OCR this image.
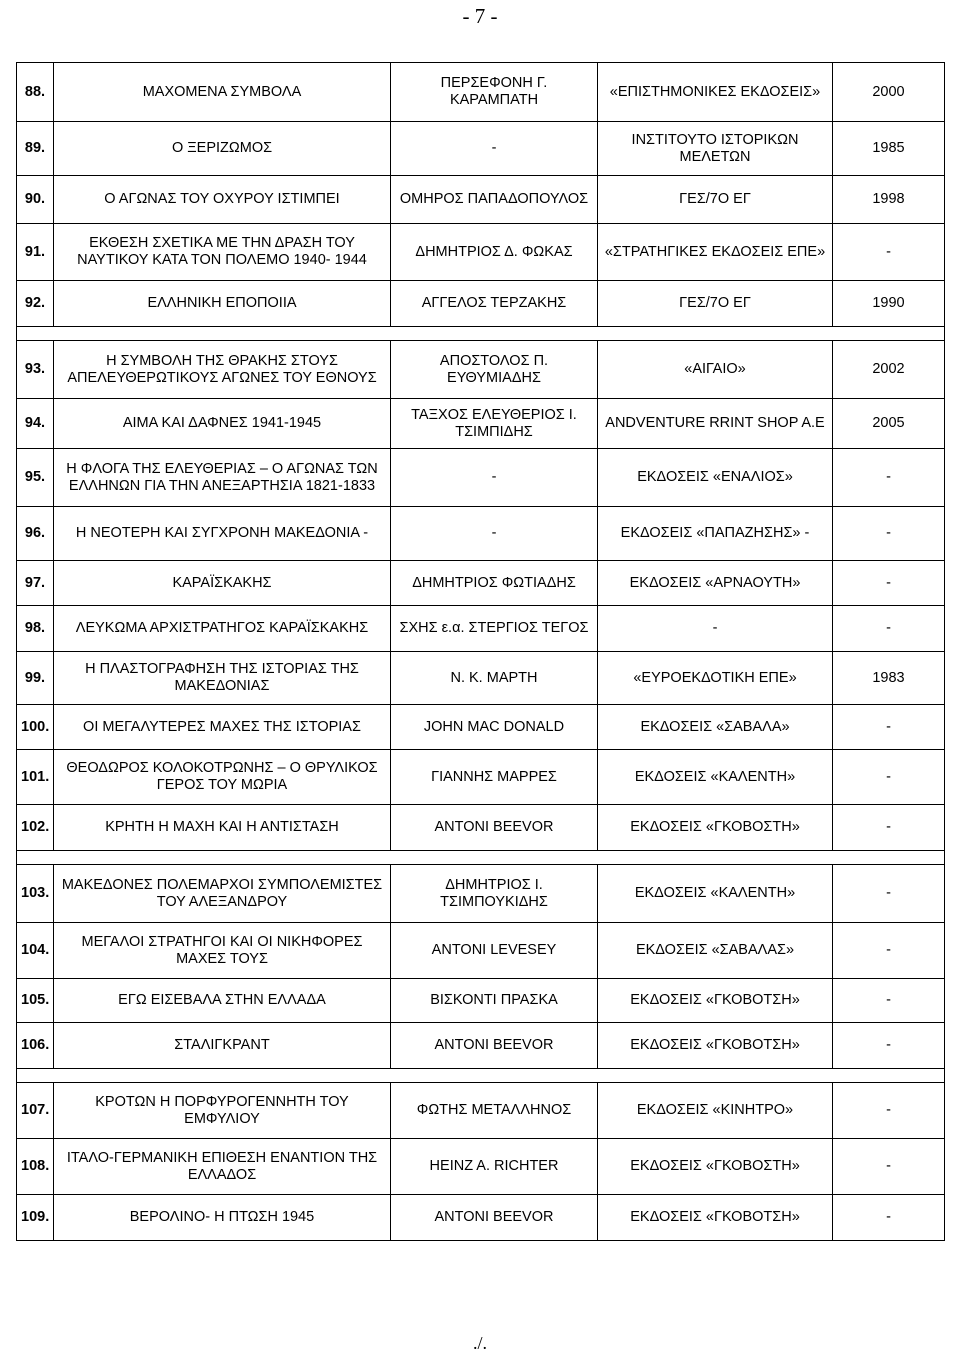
- 7 -
88.	ΜΑΧΟΜΕΝΑ ΣΥΜΒΟΛΑ	ΠΕΡΣΕΦΟΝΗ Γ. ΚΑΡΑΜΠΑΤΗ	«ΕΠΙΣΤΗΜΟΝΙΚΕΣ ΕΚΔΟΣΕΙΣ»	2000
89.	Ο ΞΕΡΙΖΩΜΟΣ	-	ΙΝΣΤΙΤΟΥΤΟ ΙΣΤΟΡΙΚΩΝ ΜΕΛΕΤΩΝ	1985
90.	Ο ΑΓΩΝΑΣ ΤΟΥ ΟΧΥΡΟΥ ΙΣΤΙΜΠΕΙ	ΟΜΗΡΟΣ ΠΑΠΑΔΟΠΟΥΛΟΣ	ΓΕΣ/7Ο ΕΓ	1998
91.	ΕΚΘΕΣΗ ΣΧΕΤΙΚΑ ΜΕ ΤΗΝ ΔΡΑΣΗ ΤΟΥ ΝΑΥΤΙΚΟΥ ΚΑΤΑ ΤΟΝ ΠΟΛΕΜΟ 1940- 1944	ΔΗΜΗΤΡΙΟΣ Δ. ΦΩΚΑΣ	«ΣΤΡΑΤΗΓΙΚΕΣ ΕΚΔΟΣΕΙΣ ΕΠΕ»	-
92.	ΕΛΛΗΝΙΚΗ ΕΠΟΠΟΙΙΑ	ΑΓΓΕΛΟΣ ΤΕΡΖΑΚΗΣ	ΓΕΣ/7Ο ΕΓ	1990

93.	Η ΣΥΜΒΟΛΗ ΤΗΣ ΘΡΑΚΗΣ ΣΤΟΥΣ ΑΠΕΛΕΥΘΕΡΩΤΙΚΟΥΣ ΑΓΩΝΕΣ ΤΟΥ ΕΘΝΟΥΣ	ΑΠΟΣΤΟΛΟΣ Π. ΕΥΘΥΜΙΑΔΗΣ	«ΑΙΓΑΙΟ»	2002
94.	ΑΙΜΑ ΚΑΙ ΔΑΦΝΕΣ 1941-1945	ΤΑΞΧΟΣ ΕΛΕΥΘΕΡΙΟΣ Ι. ΤΣΙΜΠΙΔΗΣ	ANDVENTURE RRINT SHOP A.E	2005
95.	Η ΦΛΟΓΑ ΤΗΣ ΕΛΕΥΘΕΡΙΑΣ – Ο ΑΓΩΝΑΣ ΤΩΝ ΕΛΛΗΝΩΝ ΓΙΑ ΤΗΝ ΑΝΕΞΑΡΤΗΣΙΑ 1821-1833	-	ΕΚΔΟΣΕΙΣ «ΕΝΑΛΙΟΣ»	-
96.	Η ΝΕΟΤΕΡΗ ΚΑΙ ΣΥΓΧΡΟΝΗ ΜΑΚΕΔΟΝΙΑ -	-	ΕΚΔΟΣΕΙΣ «ΠΑΠΑΖΗΣΗΣ» -	-
97.	ΚΑΡΑΪΣΚΑΚΗΣ	ΔΗΜΗΤΡΙΟΣ ΦΩΤΙΑΔΗΣ	ΕΚΔΟΣΕΙΣ «ΑΡΝΑΟΥΤΗ»	-
98.	ΛΕΥΚΩΜΑ ΑΡΧΙΣΤΡΑΤΗΓΟΣ ΚΑΡΑΪΣΚΑΚΗΣ	ΣΧΗΣ ε.α. ΣΤΕΡΓΙΟΣ ΤΕΓΟΣ	-	-
99.	Η ΠΛΑΣΤΟΓΡΑΦΗΣΗ ΤΗΣ ΙΣΤΟΡΙΑΣ ΤΗΣ ΜΑΚΕΔΟΝΙΑΣ	Ν. Κ. ΜΑΡΤΗ	«ΕΥΡΟΕΚΔΟΤΙΚΗ ΕΠΕ»	1983
100.	ΟΙ ΜΕΓΑΛΥΤΕΡΕΣ ΜΑΧΕΣ ΤΗΣ ΙΣΤΟΡΙΑΣ	JOHN MAC DONALD	ΕΚΔΟΣΕΙΣ «ΣΑΒΑΛΑ»	-
101.	ΘΕΟΔΩΡΟΣ ΚΟΛΟΚΟΤΡΩΝΗΣ – Ο ΘΡΥΛΙΚΟΣ ΓΕΡΟΣ ΤΟΥ ΜΩΡΙΑ	ΓΙΑΝΝΗΣ ΜΑΡΡΕΣ	ΕΚΔΟΣΕΙΣ «ΚΑΛΕΝΤΗ»	-
102.	ΚΡΗΤΗ Η ΜΑΧΗ ΚΑΙ Η ΑΝΤΙΣΤΑΣΗ	ΑΝΤΟΝΙ BEEVOR	ΕΚΔΟΣΕΙΣ «ΓΚΟΒΟΣΤΗ»	-

103.	ΜΑΚΕΔΟΝΕΣ ΠΟΛΕΜΑΡΧΟΙ ΣΥΜΠΟΛΕΜΙΣΤΕΣ ΤΟΥ ΑΛΕΞΑΝΔΡΟΥ	ΔΗΜΗΤΡΙΟΣ Ι. ΤΣΙΜΠΟΥΚΙΔΗΣ	ΕΚΔΟΣΕΙΣ «ΚΑΛΕΝΤΗ»	-
104.	ΜΕΓΑΛΟΙ ΣΤΡΑΤΗΓΟΙ ΚΑΙ ΟΙ ΝΙΚΗΦΟΡΕΣ ΜΑΧΕΣ ΤΟΥΣ	ΑΝΤΟΝΙ LEVESEY	ΕΚΔΟΣΕΙΣ «ΣΑΒΑΛΑΣ»	-
105.	ΕΓΩ ΕΙΣΕΒΑΛΑ ΣΤΗΝ ΕΛΛΑΔΑ	ΒΙΣΚΟΝΤΙ ΠΡΑΣΚΑ	ΕΚΔΟΣΕΙΣ «ΓΚΟΒΟΤΣΗ»	-
106.	ΣΤΑΛΙΓΚΡΑΝΤ	ΑΝΤΟΝΙ BEEVOR	ΕΚΔΟΣΕΙΣ «ΓΚΟΒΟΤΣΗ»	-

107.	ΚΡΟΤΩΝ Η ΠΟΡΦΥΡΟΓΕΝΝΗΤΗ ΤΟΥ ΕΜΦΥΛΙΟΥ	ΦΩΤΗΣ ΜΕΤΑΛΛΗΝΟΣ	ΕΚΔΟΣΕΙΣ «ΚΙΝΗΤΡΟ»	-
108.	ΙΤΑΛΟ-ΓΕΡΜΑΝΙΚΗ ΕΠΙΘΕΣΗ ΕΝΑΝΤΙΟΝ ΤΗΣ ΕΛΛΑΔΟΣ	HEINZ A. RICHTER	ΕΚΔΟΣΕΙΣ «ΓΚΟΒΟΣΤΗ»	-
109.	ΒΕΡΟΛΙΝΟ- Η ΠΤΩΣΗ 1945	ΑΝΤΟΝΙ BEEVOR	ΕΚΔΟΣΕΙΣ «ΓΚΟΒΟΤΣΗ»	-
./.
